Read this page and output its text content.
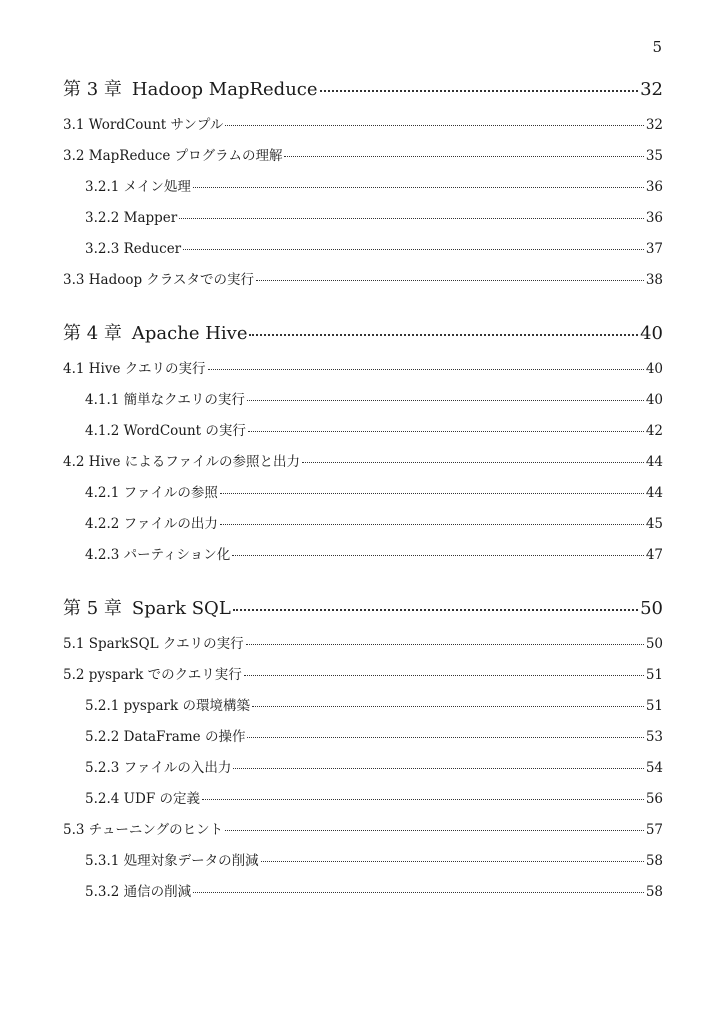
5
第 3 章 Hadoop MapReduce	32
3.1 WordCount サンプル	32
3.2 MapReduce プログラムの理解	35
3.2.1 メイン処理	36
3.2.2 Mapper	36
3.2.3 Reducer	37
3.3 Hadoop クラスタでの実行	38
第 4 章 Apache Hive	40
4.1 Hive クエリの実行	40
4.1.1 簡単なクエリの実行	40
4.1.2 WordCount の実行	42
4.2 Hive によるファイルの参照と出力	44
4.2.1 ファイルの参照	44
4.2.2 ファイルの出力	45
4.2.3 パーティション化	47
第 5 章 Spark SQL	50
5.1 SparkSQL クエリの実行	50
5.2 pyspark でのクエリ実行	51
5.2.1 pyspark の環境構築	51
5.2.2 DataFrame の操作	53
5.2.3 ファイルの入出力	54
5.2.4 UDF の定義	56
5.3 チューニングのヒント	57
5.3.1 処理対象データの削減	58
5.3.2 通信の削減	58
